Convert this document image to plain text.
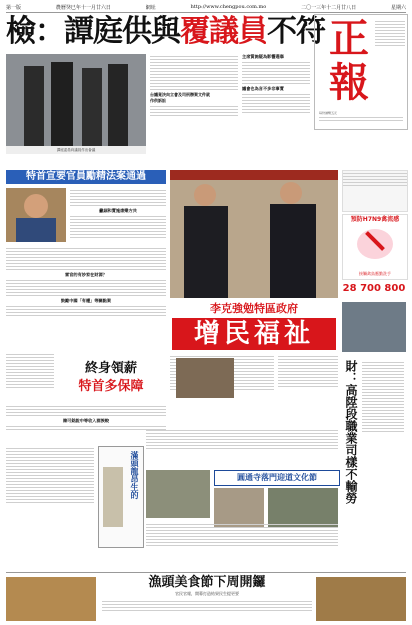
第一版	農曆癸巳年十一月廿六日	網址	http://www.chengpou.com.mo	二〇一三年十二月廿八日	星期六
檢：譚庭供與覆議員不符 正
報
每份港幣五元
譚庭委員向議員作出會議
台議竟決向立會及司刑辦案文件就
作供訴訟
主席質詢疑為影響選舉
議會也為言不多非事實
特首宣要官員勵精法案通過
籲細和實施康樂方共
雷官的有妙家在財源？
鼓勵中國「有權」等關點案
預防H7N9禽流感
接觸禽鳥應勤洗手
28 700 800
李克強勉特區政府
增民福祉
財：高陞段職業司樣不輸勞
終身領薪
特首多保障
陳可銘說中等收入群族較
滿頭龍昂生的	圓通寺落門迎道文化節
漁頭美食節下周開鑼
官民官報，開幕打造結果民生提更要
